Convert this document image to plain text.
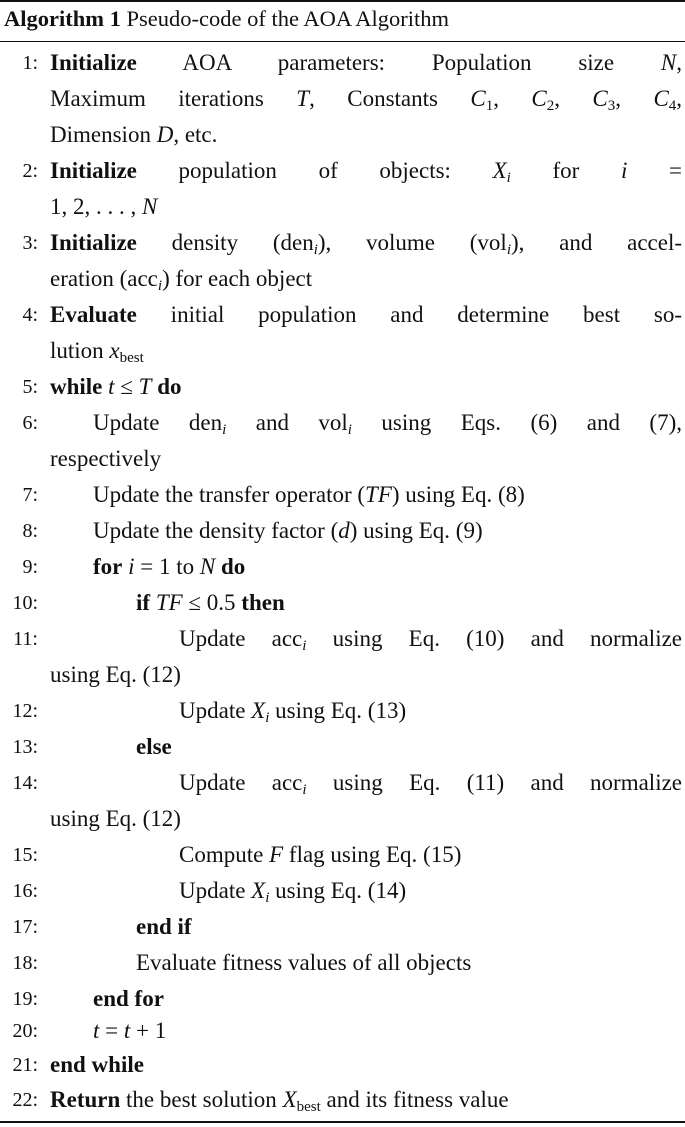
Algorithm 1 Pseudo-code of the AOA Algorithm
1: Initialize AOA parameters: Population size N,
Maximum iterations T, Constants $C_1$, $C_2$, $C_3$, $C_4$,
Dimension D, etc.
2: Initialize population of objects: $X_i$ for i =
1, 2, . . . , N
3: Initialize density (den$_i$), volume (vol$_i$), and accel-
eration (acc$_i$) for each object
4: Evaluate initial population and determine best so-
lution $x_{best}$
5: while t ≤ T do
6: Update den$_i$ and vol$_i$ using Eqs. (6) and (7),
respectively
7: Update the transfer operator (TF) using Eq. (8)
8: Update the density factor (d) using Eq. (9)
9: for i = 1 to N do
10:	if TF ≤ 0.5 then
11:	Update acc$_i$ using Eq. (10) and normalize
using Eq. (12)
12:	Update $X_i$ using Eq. (13)
13:	else
14:	Update acc$_i$ using Eq. (11) and normalize
using Eq. (12)
15:	Compute F flag using Eq. (15)
16:	Update $X_i$ using Eq. (14)
17:	end if
18:	Evaluate fitness values of all objects
19: end for
20: t = t + 1
21: end while
22: Return the best solution $X_{best}$ and its fitness value
